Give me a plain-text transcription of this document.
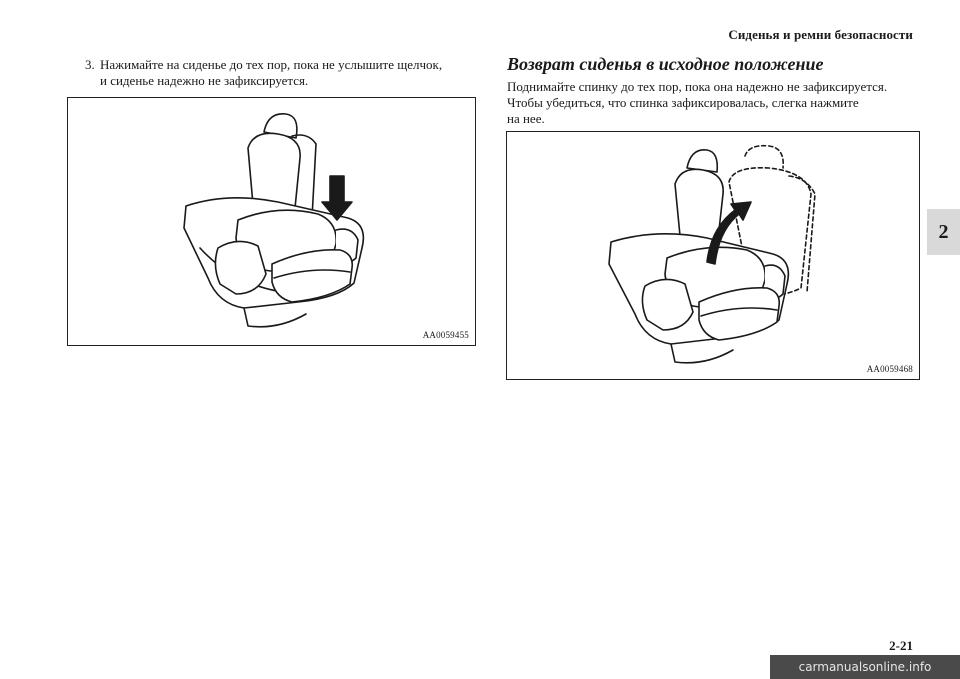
Сиденья и ремни безопасности
2
3. Нажимайте на сиденье до тех пор, пока не услышите щелчок,
и сиденье надежно не зафиксируется.
AA0059455
Возврат сиденья в исходное положение
Поднимайте спинку до тех пор, пока она надежно не зафиксируется.
Чтобы убедиться, что спинка зафиксировалась, слегка нажмите
на нее.
AA0059468
2-21
carmanualsonline.info
